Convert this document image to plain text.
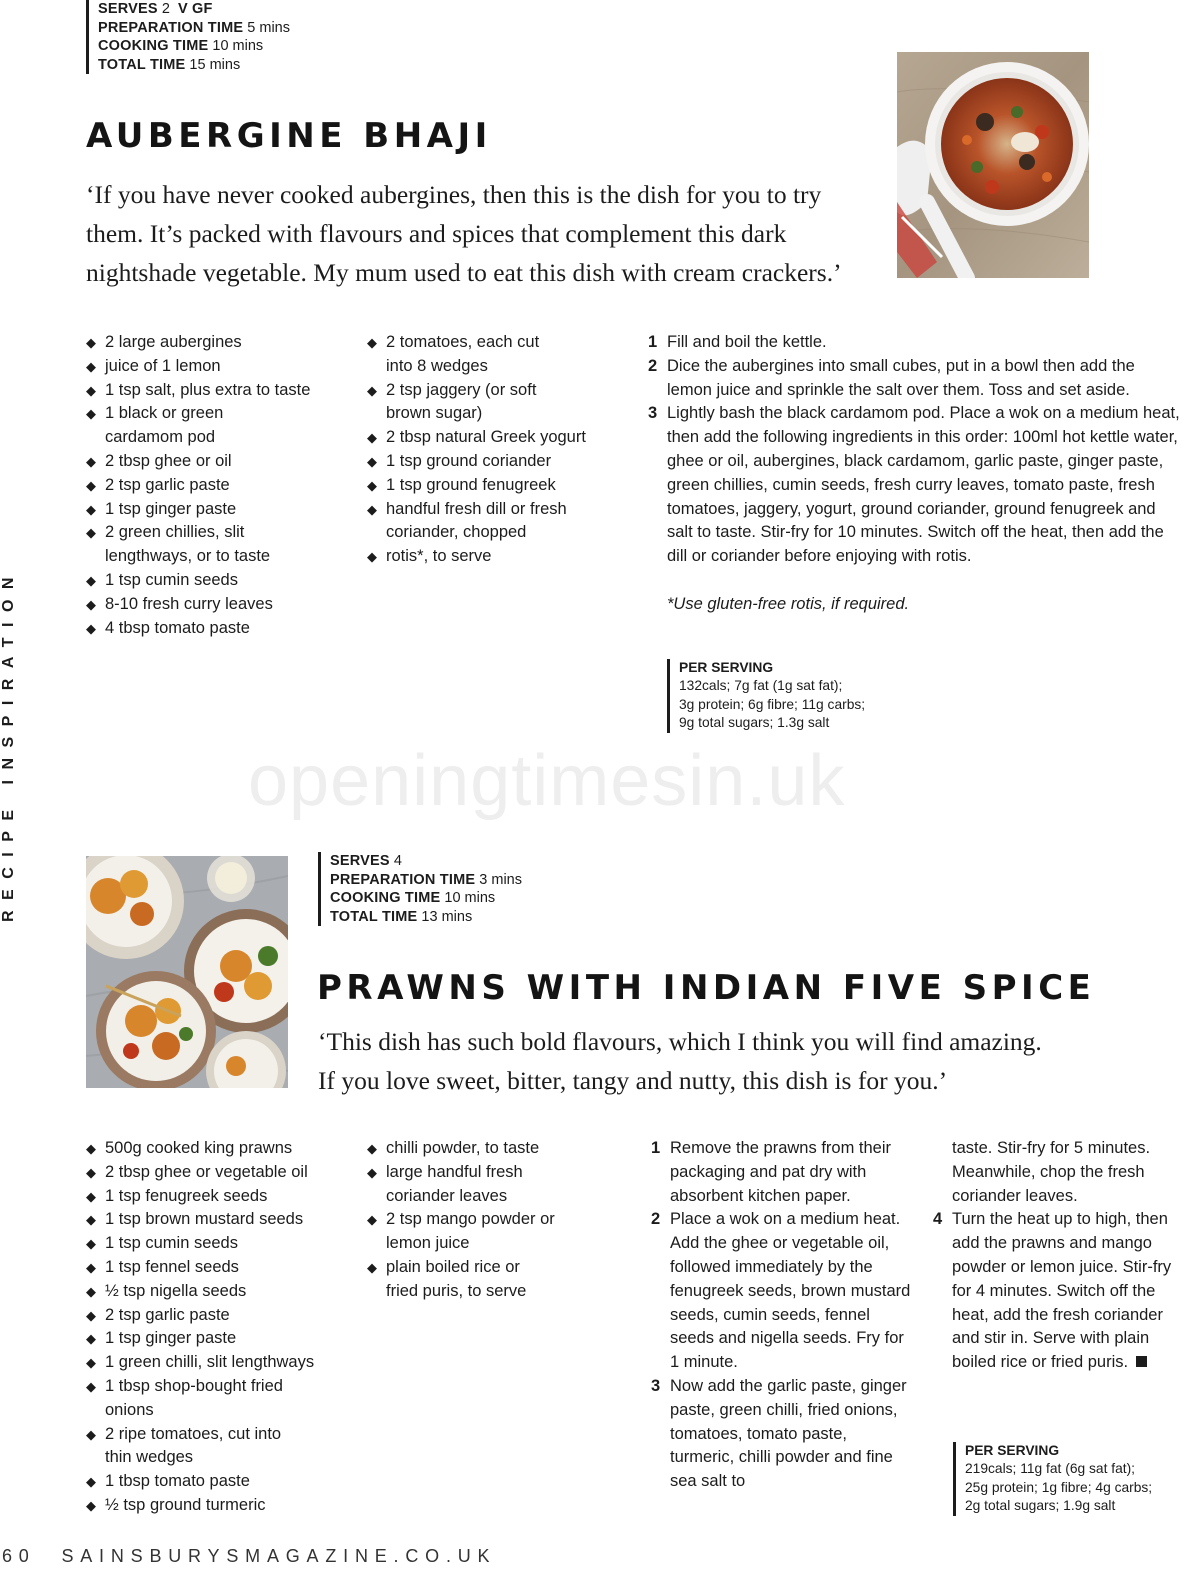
SERVES 2 V GF
PREPARATION TIME 5 mins
COOKING TIME 10 mins
TOTAL TIME 15 mins
AUBERGINE BHAJI
‘If you have never cooked aubergines, then this is the dish for you to try
them. It’s packed with flavours and spices that complement this dark
nightshade vegetable. My mum used to eat this dish with cream crackers.’
◆ 2 large aubergines
◆ juice of 1 lemon
◆ 1 tsp salt, plus extra to taste
◆ 1 black or green cardamom pod
◆ 2 tbsp ghee or oil
◆ 2 tsp garlic paste
◆ 1 tsp ginger paste
◆ 2 green chillies, slit lengthways, or to taste
◆ 1 tsp cumin seeds
◆ 8-10 fresh curry leaves
◆ 4 tbsp tomato paste
◆ 2 tomatoes, each cut into 8 wedges
◆ 2 tsp jaggery (or soft brown sugar)
◆ 2 tbsp natural Greek yogurt
◆ 1 tsp ground coriander
◆ 1 tsp ground fenugreek
◆ handful fresh dill or fresh coriander, chopped
◆ rotis*, to serve
1 Fill and boil the kettle.
2 Dice the aubergines into small cubes, put in a bowl then add the lemon juice and sprinkle the salt over them. Toss and set aside.
3 Lightly bash the black cardamom pod. Place a wok on a medium heat, then add the following ingredients in this order: 100ml hot kettle water, ghee or oil, aubergines, black cardamom, garlic paste, ginger paste, green chillies, cumin seeds, fresh curry leaves, tomato paste, fresh tomatoes, jaggery, yogurt, ground coriander, ground fenugreek and salt to taste. Stir-fry for 10 minutes. Switch off the heat, then add the dill or coriander before enjoying with rotis.
*Use gluten-free rotis, if required.
PER SERVING
132cals; 7g fat (1g sat fat);
3g protein; 6g fibre; 11g carbs;
9g total sugars; 1.3g salt
RECIPE INSPIRATION	openingtimesin.uk
SERVES 4
PREPARATION TIME 3 mins
COOKING TIME 10 mins
TOTAL TIME 13 mins
PRAWNS WITH INDIAN FIVE SPICE
‘This dish has such bold flavours, which I think you will find amazing.
If you love sweet, bitter, tangy and nutty, this dish is for you.’
◆ 500g cooked king prawns
◆ 2 tbsp ghee or vegetable oil
◆ 1 tsp fenugreek seeds
◆ 1 tsp brown mustard seeds
◆ 1 tsp cumin seeds
◆ 1 tsp fennel seeds
◆ ½ tsp nigella seeds
◆ 2 tsp garlic paste
◆ 1 tsp ginger paste
◆ 1 green chilli, slit lengthways
◆ 1 tbsp shop-bought fried onions
◆ 2 ripe tomatoes, cut into thin wedges
◆ 1 tbsp tomato paste
◆ ½ tsp ground turmeric
◆ chilli powder, to taste
◆ large handful fresh coriander leaves
◆ 2 tsp mango powder or lemon juice
◆ plain boiled rice or fried puris, to serve
1 Remove the prawns from their packaging and pat dry with absorbent kitchen paper.
2 Place a wok on a medium heat. Add the ghee or vegetable oil, followed immediately by the fenugreek seeds, brown mustard seeds, cumin seeds, fennel seeds and nigella seeds. Fry for 1 minute.
3 Now add the garlic paste, ginger paste, green chilli, fried onions, tomatoes, tomato paste, turmeric, chilli powder and fine sea salt to
taste. Stir-fry for 5 minutes. Meanwhile, chop the fresh coriander leaves.
4 Turn the heat up to high, then add the prawns and mango powder or lemon juice. Stir-fry for 4 minutes. Switch off the heat, add the fresh coriander and stir in. Serve with plain boiled rice or fried puris.
PER SERVING
219cals; 11g fat (6g sat fat);
25g protein; 1g fibre; 4g carbs;
2g total sugars; 1.9g salt
60 SAINSBURYSMAGAZINE.CO.UK
